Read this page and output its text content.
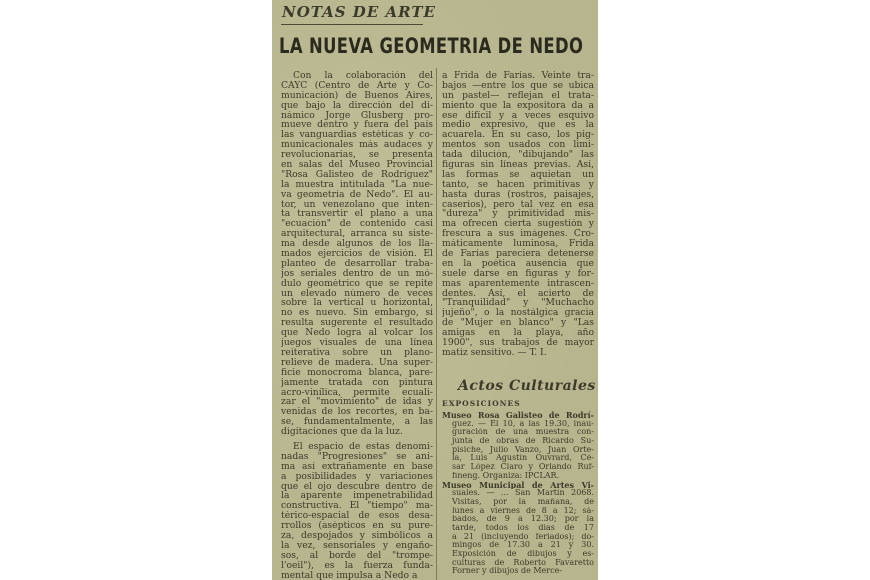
NOTAS DE ARTE
LA NUEVA GEOMETRIA DE NEDO
Con la colaboración del
CAYC (Centro de Arte y Co-
municación) de Buenos Aires,
que bajo la dirección del di-
námico Jorge Glusberg pro-
mueve dentro y fuera del país
las vanguardias estéticas y co-
municacionales más audaces y
revolucionarias, se presenta
en salas del Museo Provincial
"Rosa Galisteo de Rodríguez"
la muestra intitulada "La nue-
va geometría de Nedo". El au-
tor, un venezolano que inten-
ta transvertir el plano a una
"ecuación" de contenido casi
arquitectural, arranca su siste-
ma desde algunos de los lla-
mados ejercicios de visión. El
planteo de desarrollar traba-
jos seriales dentro de un mó-
dulo geométrico que se repite
un elevado número de veces
sobre la vertical u horizontal,
no es nuevo. Sin embargo, sí
resulta sugerente el resultado
que Nedo logra al volcar los
juegos visuales de una línea
reiterativa sobre un plano-
relieve de madera. Una super-
ficie monocroma blanca, pare-
jamente tratada con pintura
acro-vinílica, permite ecuali-
zar el "movimiento" de idas y
venidas de los recortes, en ba-
se, fundamentalmente, a las
digitaciones que da la luz.
El espacio de estas denomi-
nadas "Progresiones" se ani-
ma así extrañamente en base
a posibilidades y variaciones
que el ojo descubre dentro de
la aparente impenetrabilidad
constructiva. El "tiempo" ma-
térico-espacial de esos desa-
rrollos (asépticos en su pure-
za, despojados y simbólicos a
la vez, sensoriales y engaño-
sos, al borde del "trompe-
l'oeil"), es la fuerza funda-
mental que impulsa a Nedo a
a Frida de Farías. Veinte tra-
bajos —entre los que se ubica
un pastel— reflejan el trata-
miento que la expositora da a
ese difícil y a veces esquivo
medio expresivo, que es la
acuarela. En su caso, los pig-
mentos son usados con limi-
tada dilución, "dibujando" las
figuras sin líneas previas. Así,
las formas se aquietan un
tanto, se hacen primitivas y
hasta duras (rostros, paisajes,
caseríos), pero tal vez en esa
"dureza" y primitividad mis-
ma ofrecen cierta sugestión y
frescura a sus imágenes. Cro-
máticamente luminosa, Frida
de Farías pareciera detenerse
en la poética ausencia que
suele darse en figuras y for-
mas aparentemente intrascen-
dentes. Así, el acierto de
"Tranquilidad" y "Muchacho
jujeño", o la nostálgica gracia
de "Mujer en blanco" y "Las
amigas en la playa, año
1900", sus trabajos de mayor
matiz sensitivo. — T. I.
Actos Culturales
EXPOSICIONES
Museo Rosa Galisteo de Rodrí-
guez. — El 10, a las 19.30, inau-
guración de una muestra con-
junta de obras de Ricardo Su-
pisiche, Julio Vanzo, Juan Orte-
la, Luis Agustín Ouvrard, Cé-
sar López Claro y Orlando Ruf-
fineng. Organiza: IPCLAR.
Museo Municipal de Artes Vi-
suales. — ... San Martín 2068.
Visitas, por la mañana, de
lunes a viernes de 8 a 12; sá-
bados, de 9 a 12.30; por la
tarde, todos los días de 17
a 21 (incluyendo feriados); do-
mingos de 17.30 a 21 y 30.
Exposición de dibujos y es-
culturas de Roberto Favaretto
Forner y dibujos de Merce-
